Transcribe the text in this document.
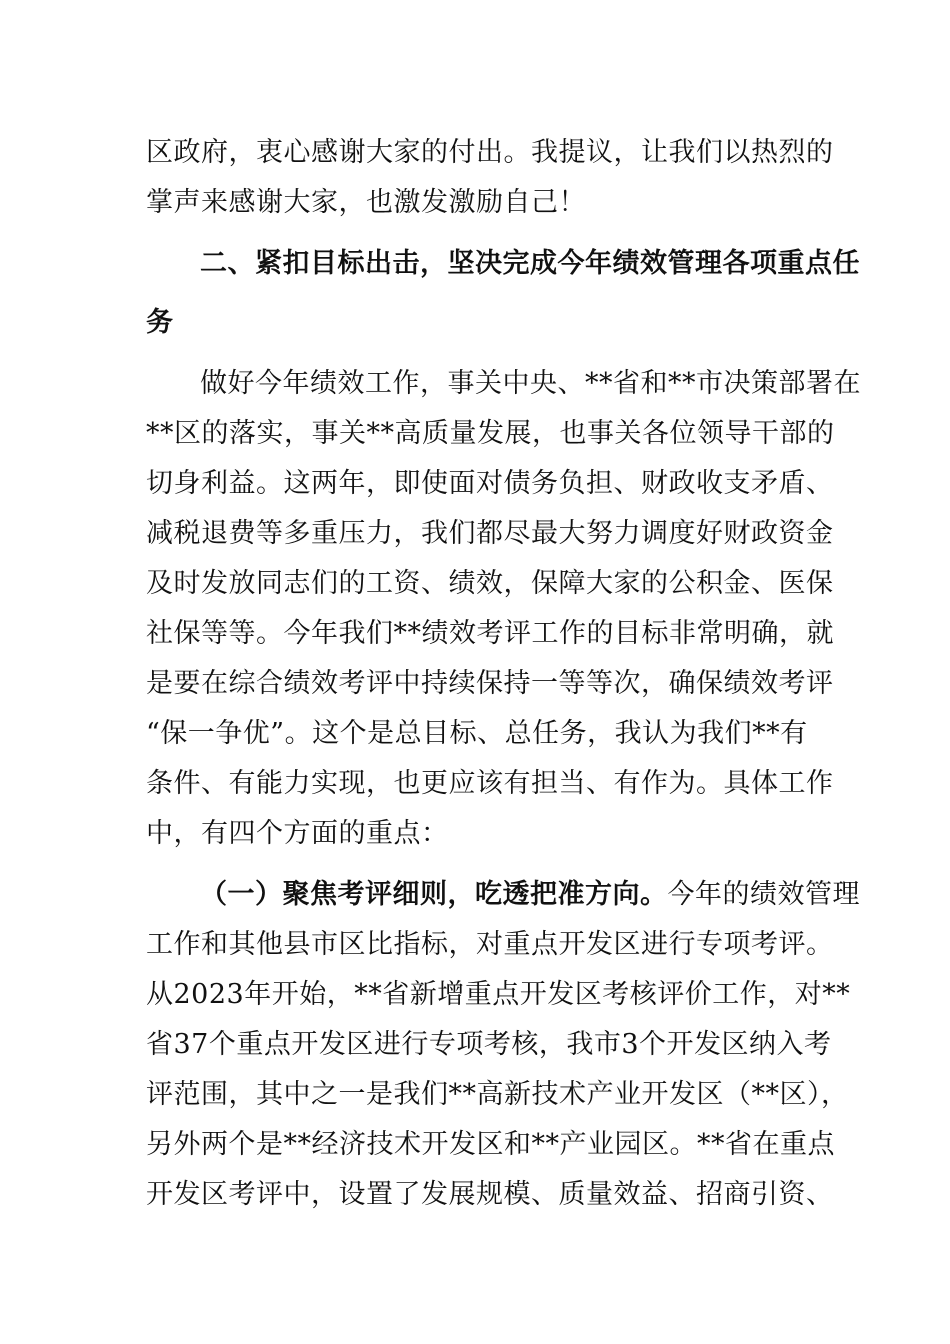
区政府，衷心感谢大家的付出。我提议，让我们以热烈的
掌声来感谢大家，也激发激励自己！
二、紧扣目标出击，坚决完成今年绩效管理各项重点任
务
做好今年绩效工作，事关中央、**省和**市决策部署在
**区的落实，事关**高质量发展，也事关各位领导干部的
切身利益。这两年，即使面对债务负担、财政收支矛盾、
减税退费等多重压力，我们都尽最大努力调度好财政资金
及时发放同志们的工资、绩效，保障大家的公积金、医保
社保等等。今年我们**绩效考评工作的目标非常明确，就
是要在综合绩效考评中持续保持一等等次，确保绩效考评
“保一争优”。这个是总目标、总任务，我认为我们**有
条件、有能力实现，也更应该有担当、有作为。具体工作
中，有四个方面的重点：
（一）聚焦考评细则，吃透把准方向。今年的绩效管理
工作和其他县市区比指标，对重点开发区进行专项考评。
从2023年开始，**省新增重点开发区考核评价工作，对**
省37个重点开发区进行专项考核，我市3个开发区纳入考
评范围，其中之一是我们**高新技术产业开发区（**区），
另外两个是**经济技术开发区和**产业园区。**省在重点
开发区考评中，设置了发展规模、质量效益、招商引资、
